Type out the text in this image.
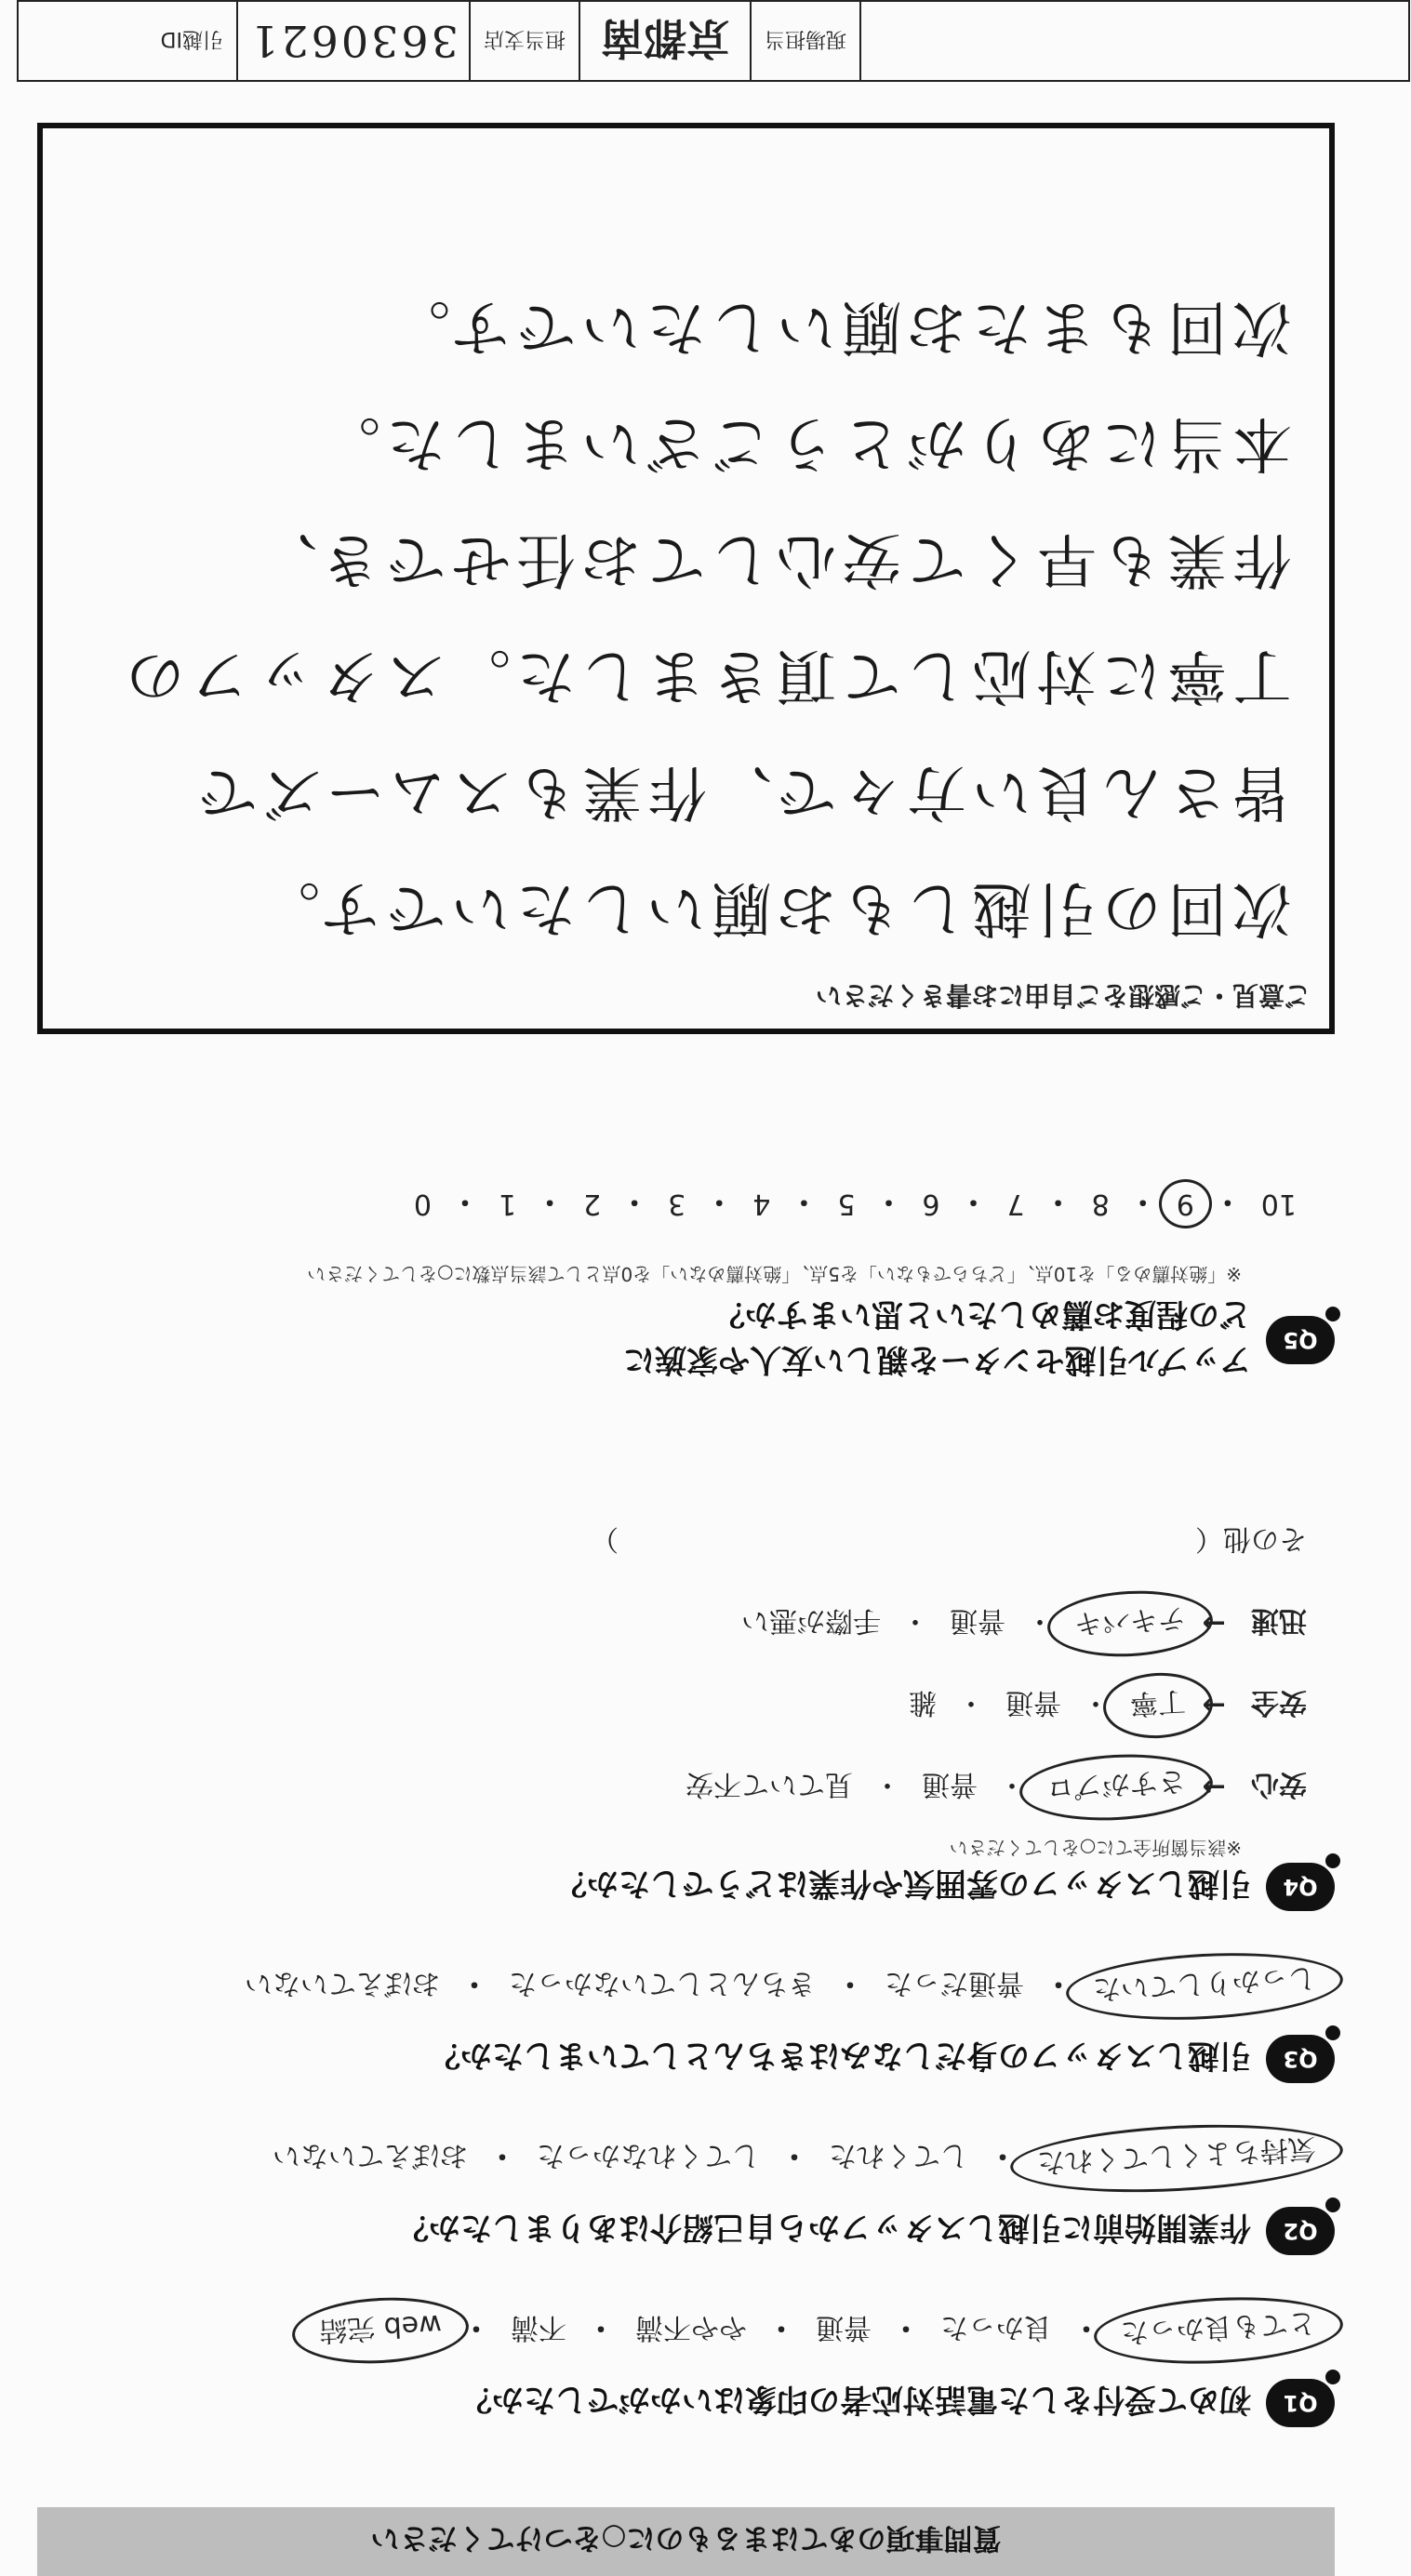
質問事項のあてはまるものに○をつけてください
Q1
初めて受付をした電話対応者の印象はいかがでしたか？
とても良かった
・
良かった
・
普通
・
やや不満
・
不満
・
web 完結
Q2
作業開始前に引越しスタッフから自己紹介はありましたか？
気持ちよくしてくれた
・
してくれた
・
してくれなかった
・
おぼえていない
Q3
引越しスタッフの身だしなみはきちんとしていましたか？
しっかりしていた
・
普通だった
・
きちんとしていなかった
・
おぼえていない
Q4
引越しスタッフの雰囲気や作業はどうでしたか？
※該当箇所全てに○をしてください
安心
→
さすがプロ
・
普通
・
見ていて不安
安全
→
丁寧
・
普通
・
雑
迅速
→
テキパキ
・
普通
・
手際が悪い
その他（
）
Q5
アップル引越センターを親しい友人や家族に
どの程度お薦めしたいと思いますか？
※「絶対薦める」を10点、「どちらでもない」を5点、「絶対薦めない」を0点として該当点数に○をしてください
10
・
9
・
8
・
7
・
6
・
5
・
4
・
3
・
2
・
1
・
0
ご意見・ご感想をご自由にお書きください
次回の引越しもお願いしたいです。
皆さん良い方々で、作業もスムーズで
丁寧に対応して頂きました。スタッフの
作業も早くて安心してお任せでき、
本当にありがとうございました。
次回もまたお願いしたいです。
現場担当
京都南
担当支店
3630621
引越ID
